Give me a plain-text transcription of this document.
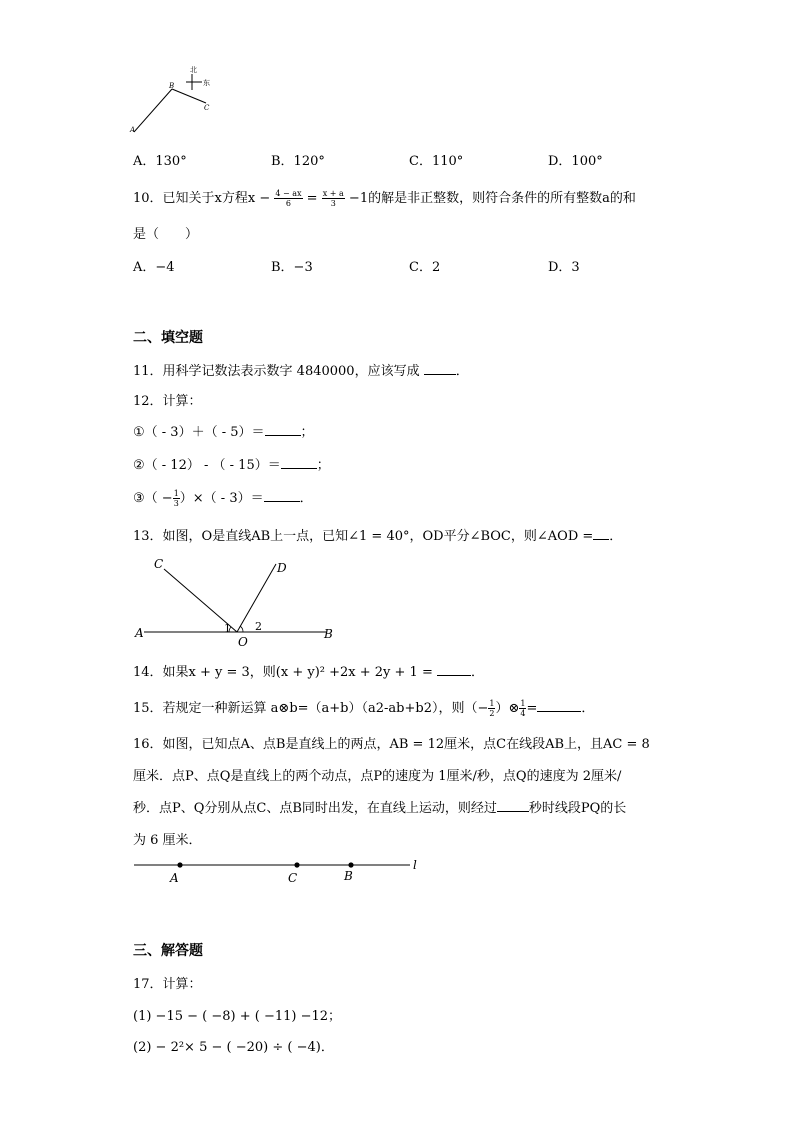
北
东
A
B
C
A．130°	B．120°	C．110°	D．100°
10．已知关于x方程$x - \frac{4 - ax}{6} = \frac{x + a}{3} -1$的解是非正整数，则符合条件的所有整数a的和
是（　　）
A．−4	B．−3	C．2	D．3
二、填空题
11．用科学记数法表示数字 4840000，应该写成 ．
12．计算：
①（ - 3）＋（ - 5）＝	；
②（ - 12） - （ - 15）＝	；
③（ − $\frac{1}{3}$ ）×（ - 3）＝	．
13．如图，O是直线AB上一点，已知∠1 = 40°，OD平分∠BOC，则∠AOD = ．
A	B
C	D
O
1 2
14．如果x + y = 3，则(x + y)² +2x + 2y + 1 =	．
15．若规定一种新运算 a⊗b=（a+b）（a2-ab+b2），则（− $\frac{1}{2}$ ）⊗ $\frac{1}{4}$ =	．
16．如图，已知点A、点B是直线上的两点，AB = 12厘米，点C在线段AB上，且AC = 8
厘米．点P、点Q是直线上的两个动点，点P的速度为 1厘米/秒，点Q的速度为 2厘米/
秒．点P、Q分别从点C、点B同时出发，在直线上运动，则经过 秒时线段PQ的长
为 6 厘米．
A	C	B
l
三、解答题
17．计算：
(1) −15 − ( −8) + ( −11) −12；
(2) − 2²× 5 − ( −20) ÷ ( −4)．
